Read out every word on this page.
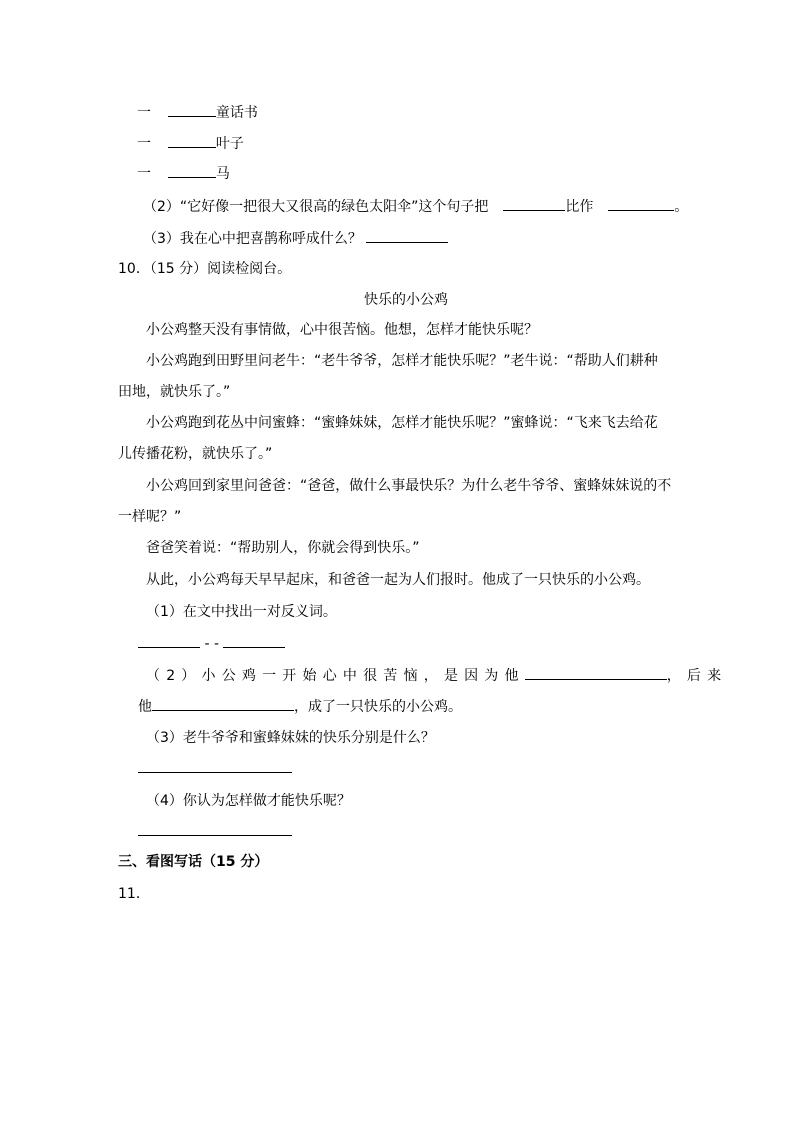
一	童话书
一	叶子
一	马
（2）“它好像一把很大又很高的绿色太阳伞”这个句子把	比作	。
（3）我在心中把喜鹊称呼成什么？
10．（15 分）阅读检阅台。
快乐的小公鸡
小公鸡整天没有事情做，心中很苦恼。他想，怎样才能快乐呢？
小公鸡跑到田野里问老牛：“老牛爷爷，怎样才能快乐呢？”老牛说：“帮助人们耕种
田地，就快乐了。”
小公鸡跑到花丛中问蜜蜂：“蜜蜂妹妹，怎样才能快乐呢？”蜜蜂说：“飞来飞去给花
儿传播花粉，就快乐了。”
小公鸡回到家里问爸爸：“爸爸，做什么事最快乐？为什么老牛爷爷、蜜蜂妹妹说的不
一样呢？”
爸爸笑着说：“帮助别人，你就会得到快乐。”
从此，小公鸡每天早早起床，和爸爸一起为人们报时。他成了一只快乐的小公鸡。
（1）在文中找出一对反义词。
- -
（2）小公鸡一开始心中很苦恼，是因为他	，后来
他	，成了一只快乐的小公鸡。
（3）老牛爷爷和蜜蜂妹妹的快乐分别是什么？
（4）你认为怎样做才能快乐呢？
三、看图写话（15 分）
11．
